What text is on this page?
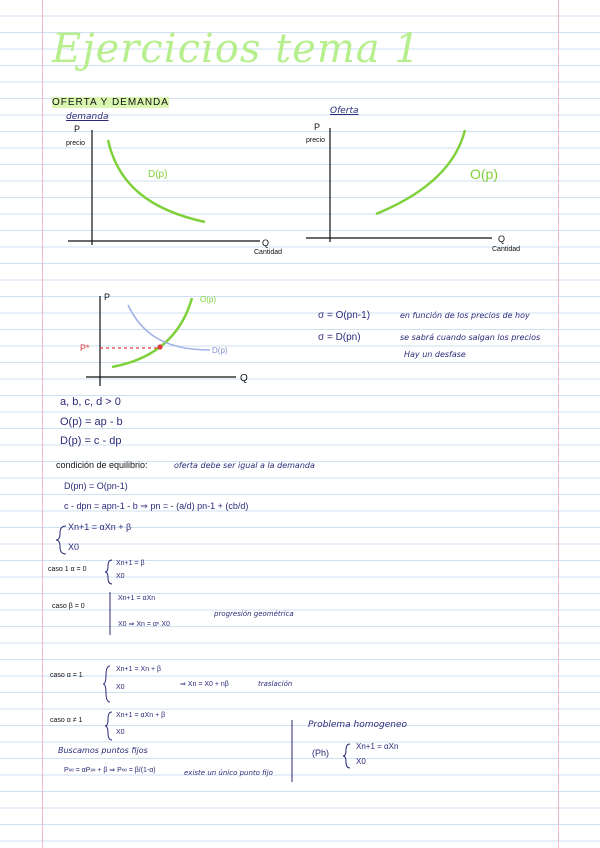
Ejercicios tema 1
OFERTA Y DEMANDA
demanda
P
precio
D(p)
Q
Cantidad
Oferta
P
precio
O(p)
Q
Cantidad
P
Q
O(p)
D(p)
P*
σ = O(pn-1)	en función de los precios de hoy
σ = D(pn)	se sabrá cuando salgan los precios
Hay un desfase
a, b, c, d > 0
O(p) = ap - b
D(p) = c - dp
condición de equilibrio:	oferta debe ser igual a la demanda
D(pn) = O(pn-1)
c - dpn = apn-1 - b ⇒ pn = - (a/d) pn-1 + (cb/d)
Xn+1 = αXn + β
X0
caso 1 α = 0
Xn+1 = β
X0
caso β = 0
Xn+1 = αXn
X0 ⇒ Xn = αⁿ X0
progresión geométrica
caso α = 1
Xn+1 = Xn + β
X0	⇒ Xn = X0 + nβ	traslación
caso α ≠ 1
Xn+1 = αXn + β
X0
Buscamos puntos fijos
P∞ = αP∞ + β ⇒ P∞ = β/(1-α)	existe un único punto fijo
Problema homogeneo
(Ph)
Xn+1 = αXn
X0
